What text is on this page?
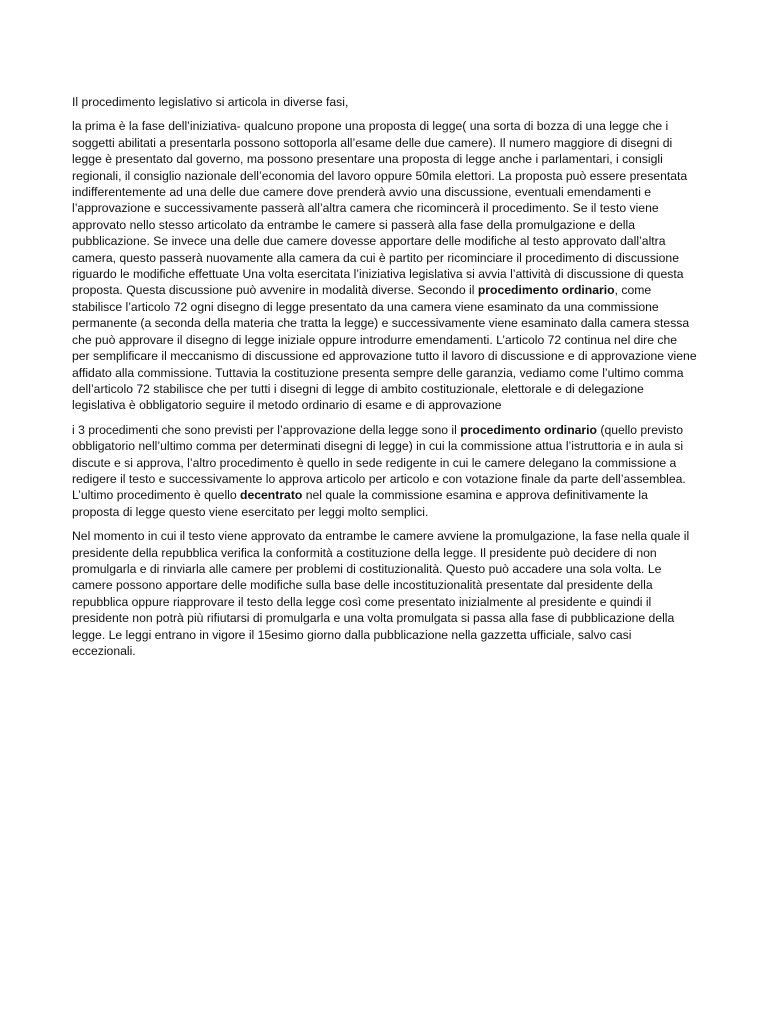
Il procedimento legislativo si articola in diverse fasi,

la prima è la fase dell’iniziativa- qualcuno propone una proposta di legge( una sorta di bozza di una legge che i soggetti abilitati a presentarla possono sottoporla all’esame delle due camere). Il numero maggiore di disegni di legge è presentato dal governo, ma possono presentare una proposta di legge anche i parlamentari, i consigli regionali, il consiglio nazionale dell’economia del lavoro oppure 50mila elettori. La proposta può essere presentata indifferentemente ad una delle due camere dove prenderà avvio una discussione, eventuali emendamenti e l’approvazione e successivamente passerà all’altra camera che ricomincerà il procedimento. Se il testo viene approvato nello stesso articolato da entrambe le camere si passerà alla fase della promulgazione e della pubblicazione. Se invece una delle due camere dovesse apportare delle modifiche al testo approvato dall’altra camera, questo passerà nuovamente alla camera da cui è partito per ricominciare il procedimento di discussione riguardo le modifiche effettuate Una volta esercitata l’iniziativa legislativa si avvia l’attività di discussione di questa proposta. Questa discussione può avvenire in modalità diverse. Secondo il procedimento ordinario, come stabilisce l’articolo 72 ogni disegno di legge presentato da una camera viene esaminato da una commissione permanente (a seconda della materia che tratta la legge) e successivamente viene esaminato dalla camera stessa che può approvare il disegno di legge iniziale oppure introdurre emendamenti. L’articolo 72 continua nel dire che per semplificare il meccanismo di discussione ed approvazione tutto il lavoro di discussione e di approvazione viene affidato alla commissione. Tuttavia la costituzione presenta sempre delle garanzia, vediamo come l’ultimo comma dell’articolo 72 stabilisce che per tutti i disegni di legge di ambito costituzionale, elettorale e di delegazione legislativa è obbligatorio seguire il metodo ordinario di esame e di approvazione

i 3 procedimenti che sono previsti per l’approvazione della legge sono il procedimento ordinario (quello previsto obbligatorio nell’ultimo comma per determinati disegni di legge) in cui la commissione attua l’istruttoria e in aula si discute e si approva, l’altro procedimento è quello in sede redigente in cui le camere delegano la commissione a redigere il testo e successivamente lo approva articolo per articolo e con votazione finale da parte dell’assemblea. L’ultimo procedimento è quello decentrato nel quale la commissione esamina e approva definitivamente la proposta di legge questo viene esercitato per leggi molto semplici.

Nel momento in cui il testo viene approvato da entrambe le camere avviene la promulgazione, la fase nella quale il presidente della repubblica verifica la conformità a costituzione della legge. Il presidente può decidere di non promulgarla e di rinviarla alle camere per problemi di costituzionalità. Questo può accadere una sola volta. Le camere possono apportare delle modifiche sulla base delle incostituzionalità presentate dal presidente della repubblica oppure riapprovare il testo della legge così come presentato inizialmente al presidente e quindi il presidente non potrà più rifiutarsi di promulgarla e una volta promulgata si passa alla fase di pubblicazione della legge. Le leggi entrano in vigore il 15esimo giorno dalla pubblicazione nella gazzetta ufficiale, salvo casi eccezionali.
